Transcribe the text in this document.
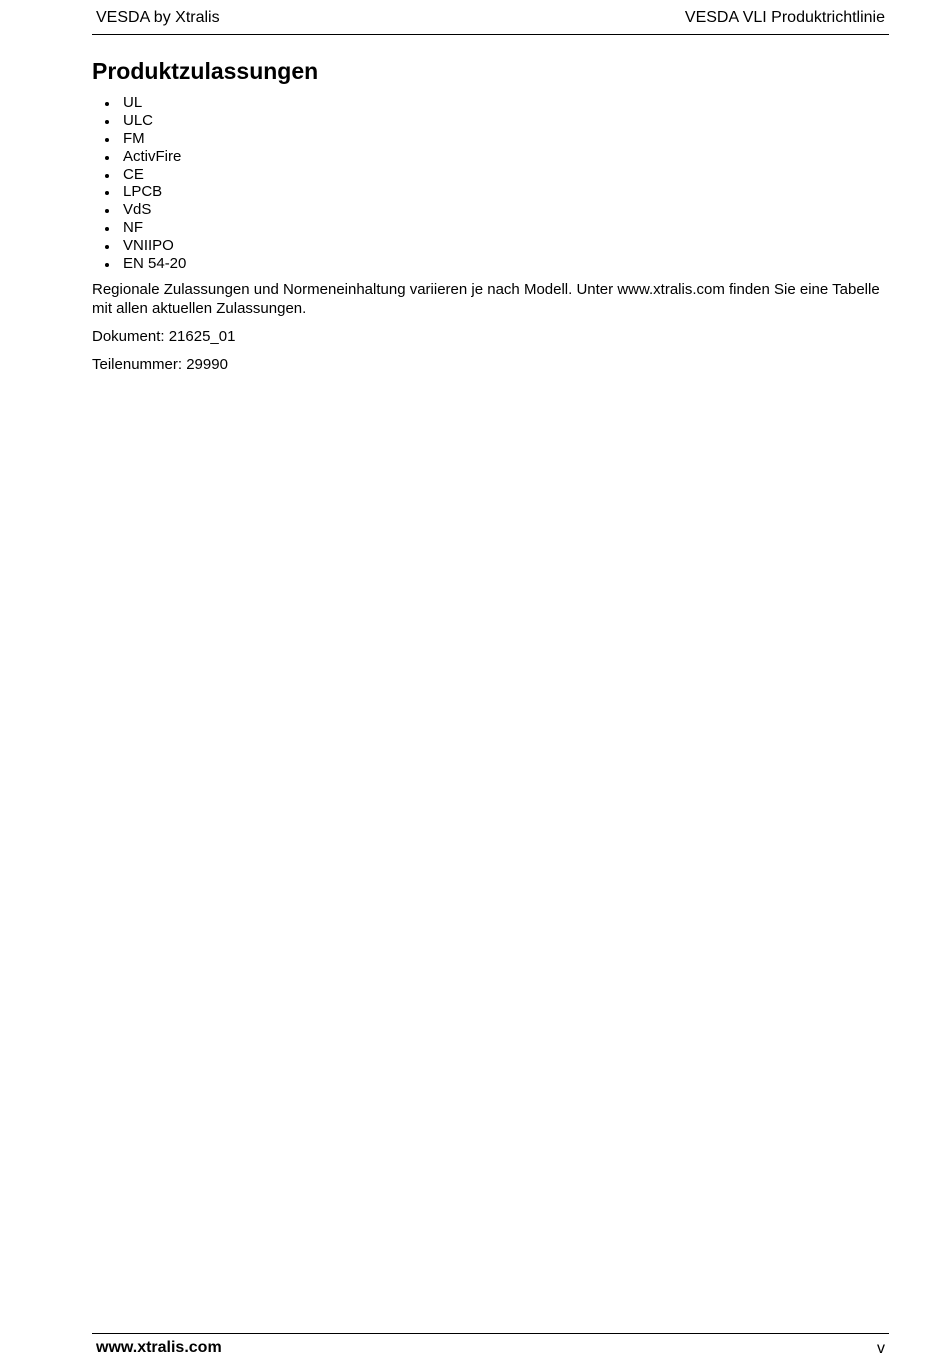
VESDA by Xtralis	VESDA VLI Produktrichtlinie
Produktzulassungen
UL
ULC
FM
ActivFire
CE
LPCB
VdS
NF
VNIIPO
EN 54-20

Regionale Zulassungen und Normeneinhaltung variieren je nach Modell. Unter www.xtralis.com finden Sie eine Tabelle mit allen aktuellen Zulassungen.

Dokument: 21625_01

Teilenummer: 29990

www.xtralis.com	v
